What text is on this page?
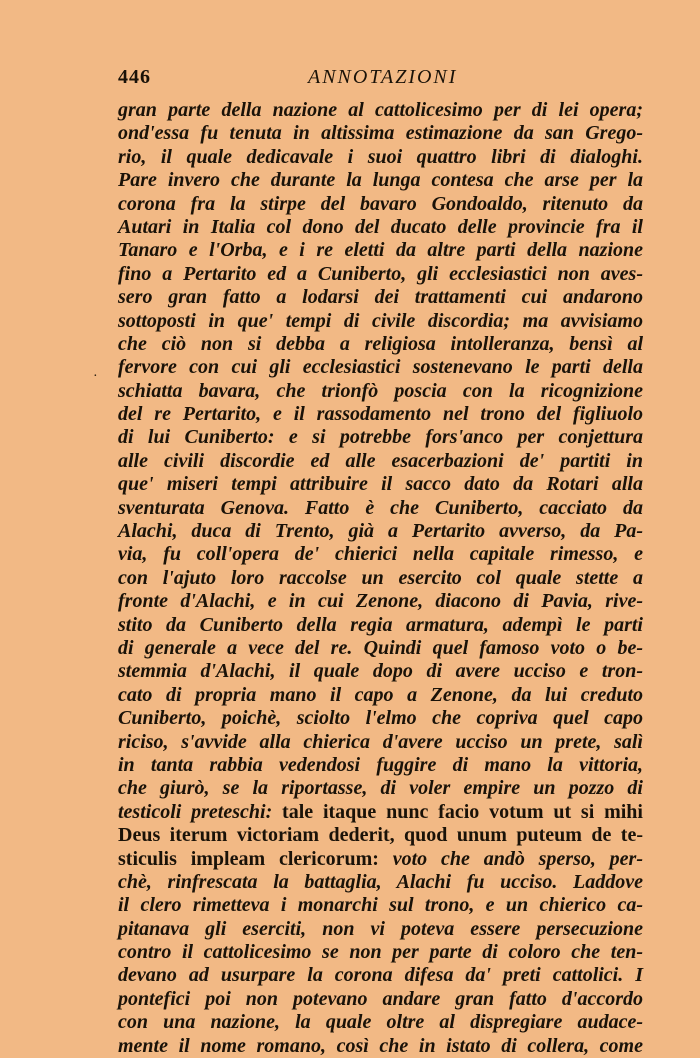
446	ANNOTAZIONI
·
gran parte della nazione al cattolicesimo per di lei opera;
ond'essa fu tenuta in altissima estimazione da san Grego-
rio, il quale dedicavale i suoi quattro libri di dialoghi.
Pare invero che durante la lunga contesa che arse per la
corona fra la stirpe del bavaro Gondoaldo, ritenuto da
Autari in Italia col dono del ducato delle provincie fra il
Tanaro e l'Orba, e i re eletti da altre parti della nazione
fino a Pertarito ed a Cuniberto, gli ecclesiastici non aves-
sero gran fatto a lodarsi dei trattamenti cui andarono
sottoposti in que' tempi di civile discordia; ma avvisiamo
che ciò non si debba a religiosa intolleranza, bensì al
fervore con cui gli ecclesiastici sostenevano le parti della
schiatta bavara, che trionfò poscia con la ricognizione
del re Pertarito, e il rassodamento nel trono del figliuolo
di lui Cuniberto: e si potrebbe fors'anco per conjettura
alle civili discordie ed alle esacerbazioni de' partiti in
que' miseri tempi attribuire il sacco dato da Rotari alla
sventurata Genova. Fatto è che Cuniberto, cacciato da
Alachi, duca di Trento, già a Pertarito avverso, da Pa-
via, fu coll'opera de' chierici nella capitale rimesso, e
con l'ajuto loro raccolse un esercito col quale stette a
fronte d'Alachi, e in cui Zenone, diacono di Pavia, rive-
stito da Cuniberto della regia armatura, adempì le parti
di generale a vece del re. Quindi quel famoso voto o be-
stemmia d'Alachi, il quale dopo di avere ucciso e tron-
cato di propria mano il capo a Zenone, da lui creduto
Cuniberto, poichè, sciolto l'elmo che copriva quel capo
riciso, s'avvide alla chierica d'avere ucciso un prete, salì
in tanta rabbia vedendosi fuggire di mano la vittoria,
che giurò, se la riportasse, di voler empire un pozzo di
testicoli preteschi: tale itaque nunc facio votum ut si mihi
Deus iterum victoriam dederit, quod unum puteum de te-
sticulis impleam clericorum: voto che andò sperso, per-
chè, rinfrescata la battaglia, Alachi fu ucciso. Laddove
il clero rimetteva i monarchi sul trono, e un chierico ca-
pitanava gli eserciti, non vi poteva essere persecuzione
contro il cattolicesimo se non per parte di coloro che ten-
devano ad usurpare la corona difesa da' preti cattolici. I
pontefici poi non potevano andare gran fatto d'accordo
con una nazione, la quale oltre al dispregiare audace-
mente il nome romano, così che in istato di collera, come
